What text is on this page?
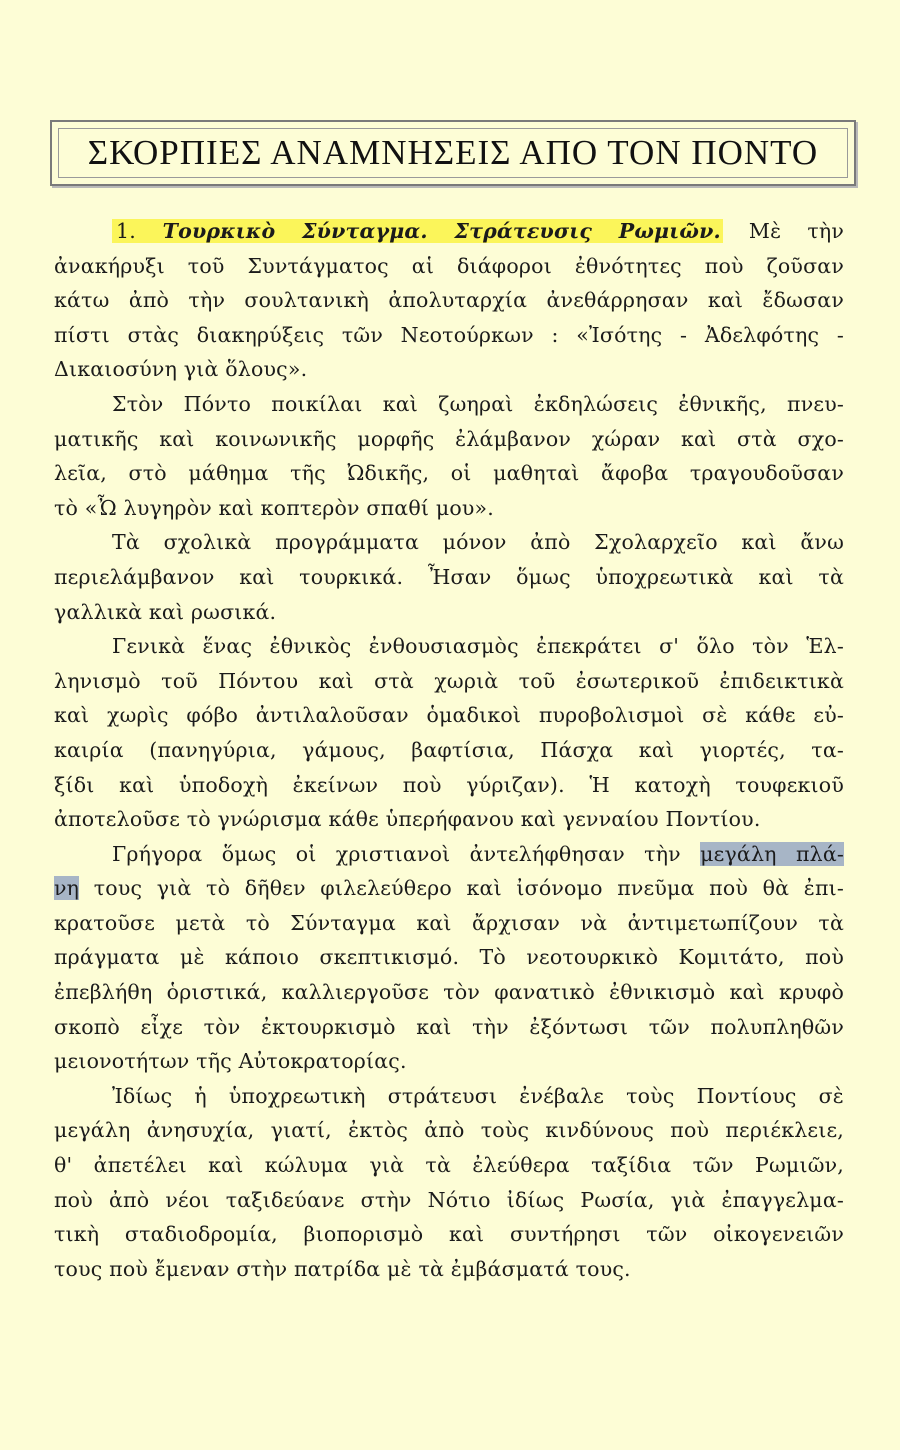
ΣΚΟΡΠΙΕΣ ΑΝΑΜΝΗΣΕΙΣ ΑΠΟ ΤΟΝ ΠΟΝΤΟ
1. Τουρκικὸ Σύνταγμα. Στράτευσις Ρωμιῶν. Μὲ τὴν
ἀνακήρυξι τοῦ Συντάγματος αἱ διάφοροι ἐθνότητες ποὺ ζοῦσαν
κάτω ἀπὸ τὴν σουλτανικὴ ἀπολυταρχία ἀνεθάρρησαν καὶ ἔδωσαν
πίστι στὰς διακηρύξεις τῶν Νεοτούρκων : «Ἰσότης - Ἀδελφότης -
Δικαιοσύνη γιὰ ὅλους».
Στὸν Πόντο ποικίλαι καὶ ζωηραὶ ἐκδηλώσεις ἐθνικῆς, πνευ-
ματικῆς καὶ κοινωνικῆς μορφῆς ἐλάμβανον χώραν καὶ στὰ σχο-
λεῖα, στὸ μάθημα τῆς Ὠδικῆς, οἱ μαθηταὶ ἄφοβα τραγουδοῦσαν
τὸ «Ὦ λυγηρὸν καὶ κοπτερὸν σπαθί μου».
Τὰ σχολικὰ προγράμματα μόνον ἀπὸ Σχολαρχεῖο καὶ ἄνω
περιελάμβανον καὶ τουρκικά. Ἦσαν ὅμως ὑποχρεωτικὰ καὶ τὰ
γαλλικὰ καὶ ρωσικά.
Γενικὰ ἕνας ἐθνικὸς ἐνθουσιασμὸς ἐπεκράτει σ' ὅλο τὸν Ἑλ-
ληνισμὸ τοῦ Πόντου καὶ στὰ χωριὰ τοῦ ἐσωτερικοῦ ἐπιδεικτικὰ
καὶ χωρὶς φόβο ἀντιλαλοῦσαν ὁμαδικοὶ πυροβολισμοὶ σὲ κάθε εὐ-
καιρία (πανηγύρια, γάμους, βαφτίσια, Πάσχα καὶ γιορτές, τα-
ξίδι καὶ ὑποδοχὴ ἐκείνων ποὺ γύριζαν). Ἡ κατοχὴ τουφεκιοῦ
ἀποτελοῦσε τὸ γνώρισμα κάθε ὑπερήφανου καὶ γενναίου Ποντίου.
Γρήγορα ὅμως οἱ χριστιανοὶ ἀντελήφθησαν τὴν μεγάλη πλά-
νη τους γιὰ τὸ δῆθεν φιλελεύθερο καὶ ἰσόνομο πνεῦμα ποὺ θὰ ἐπι-
κρατοῦσε μετὰ τὸ Σύνταγμα καὶ ἄρχισαν νὰ ἀντιμετωπίζουν τὰ
πράγματα μὲ κάποιο σκεπτικισμό. Τὸ νεοτουρκικὸ Κομιτάτο, ποὺ
ἐπεβλήθη ὁριστικά, καλλιεργοῦσε τὸν φανατικὸ ἐθνικισμὸ καὶ κρυφὸ
σκοπὸ εἶχε τὸν ἐκτουρκισμὸ καὶ τὴν ἐξόντωσι τῶν πολυπληθῶν
μειονοτήτων τῆς Αὐτοκρατορίας.
Ἰδίως ἡ ὑποχρεωτικὴ στράτευσι ἐνέβαλε τοὺς Ποντίους σὲ
μεγάλη ἀνησυχία, γιατί, ἐκτὸς ἀπὸ τοὺς κινδύνους ποὺ περιέκλειε,
θ' ἀπετέλει καὶ κώλυμα γιὰ τὰ ἐλεύθερα ταξίδια τῶν Ρωμιῶν,
ποὺ ἀπὸ νέοι ταξιδεύανε στὴν Νότιο ἰδίως Ρωσία, γιὰ ἐπαγγελμα-
τικὴ σταδιοδρομία, βιοπορισμὸ καὶ συντήρησι τῶν οἰκογενειῶν
τους ποὺ ἔμεναν στὴν πατρίδα μὲ τὰ ἐμβάσματά τους.
